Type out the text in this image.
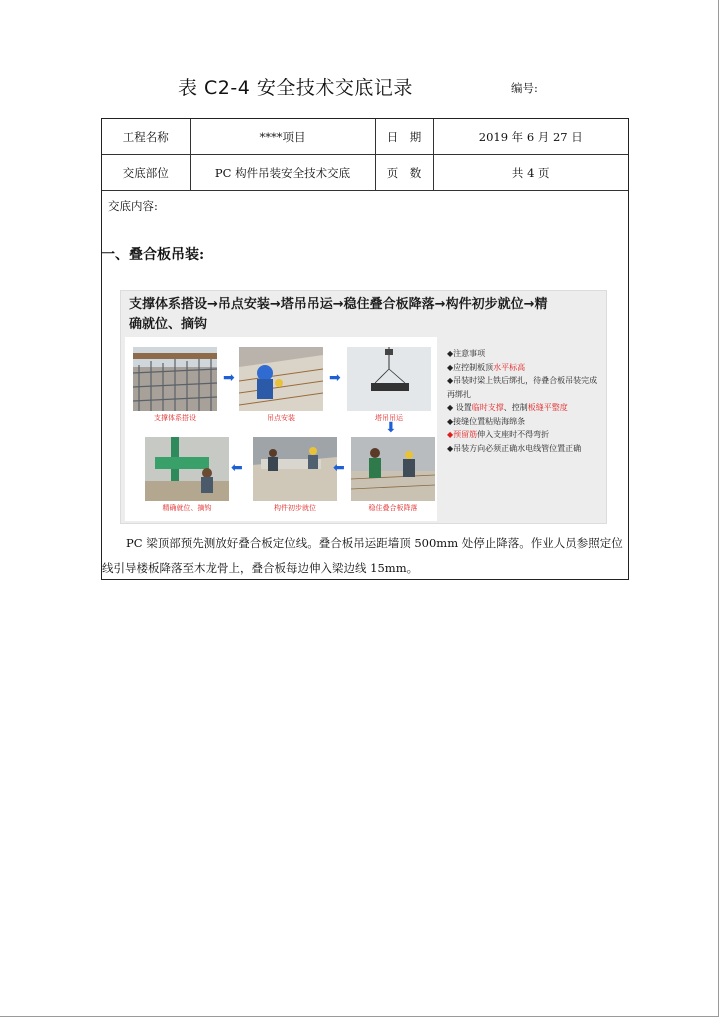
表 C2-4 安全技术交底记录	编号:
工程名称	****项目	日　期	2019 年 6 月 27 日
交底部位	PC 构件吊装安全技术交底	页　数	共 4 页
交底内容:
一、叠合板吊装:
支撑体系搭设→吊点安装→塔吊吊运→稳住叠合板降落→构件初步就位→精确就位、摘钩
➡	➡
⬇
⬅
⬅
支撑体系搭设	吊点安装	塔吊吊运
精确就位、摘钩	构件初步就位	稳住叠合板降落
◆注意事项
◆应控制板顶水平标高
◆吊装时梁上铁后绑扎，待叠合板吊装完成再绑扎
◆ 设置临时支撑、控制板缝平整度
◆接缝位置粘贴海绵条
◆预留筋伸入支座时不得弯折
◆吊装方向必须正确水电线管位置正确
PC 梁顶部预先测放好叠合板定位线。叠合板吊运距墙顶 500mm 处停止降落。作业人员参照定位线引导楼板降落至木龙骨上，叠合板每边伸入梁边线 15mm。
